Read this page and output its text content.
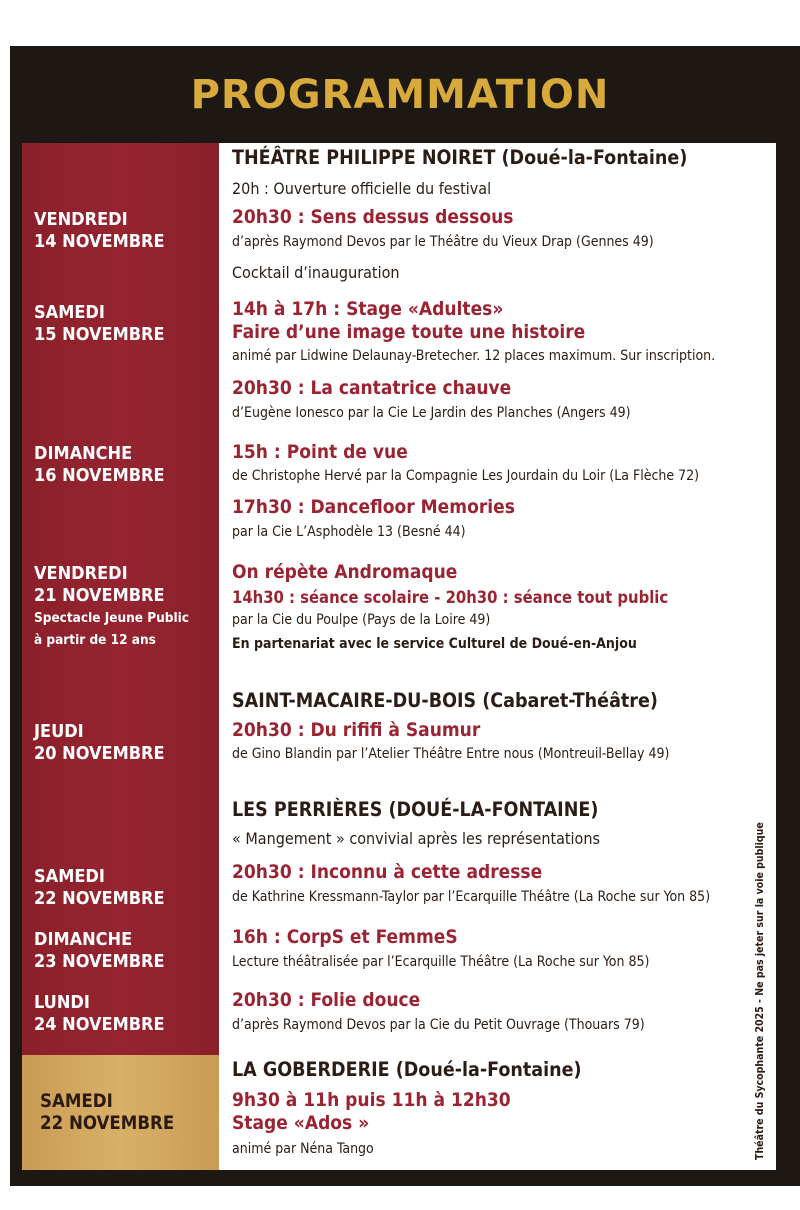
PROGRAMMATION
VENDREDI
14 NOVEMBRE
SAMEDI
15 NOVEMBRE
DIMANCHE
16 NOVEMBRE
VENDREDI
21 NOVEMBRE
Spectacle Jeune Public
à partir de 12 ans
JEUDI
20 NOVEMBRE
SAMEDI
22 NOVEMBRE
DIMANCHE
23 NOVEMBRE
LUNDI
24 NOVEMBRE
SAMEDI
22 NOVEMBRE
THÉÂTRE PHILIPPE NOIRET (Doué-la-Fontaine)
20h : Ouverture officielle du festival
20h30 : Sens dessus dessous
d’après Raymond Devos par le Théâtre du Vieux Drap (Gennes 49)
Cocktail d’inauguration
14h à 17h : Stage «Adultes»
Faire d’une image toute une histoire
animé par Lidwine Delaunay-Bretecher. 12 places maximum. Sur inscription.
20h30 : La cantatrice chauve
d’Eugène Ionesco par la Cie Le Jardin des Planches (Angers 49)
15h : Point de vue
de Christophe Hervé par la Compagnie Les Jourdain du Loir (La Flèche 72)
17h30 : Dancefloor Memories
par la Cie L’Asphodèle 13 (Besné 44)
On répète Andromaque
14h30 : séance scolaire - 20h30 : séance tout public
par la Cie du Poulpe (Pays de la Loire 49)
En partenariat avec le service Culturel de Doué-en-Anjou
SAINT-MACAIRE-DU-BOIS (Cabaret-Théâtre)
20h30 : Du rififi à Saumur
de Gino Blandin par l’Atelier Théâtre Entre nous (Montreuil-Bellay 49)
LES PERRIÈRES (DOUÉ-LA-FONTAINE)
« Mangement » convivial après les représentations
20h30 : Inconnu à cette adresse
de Kathrine Kressmann-Taylor par l’Ecarquille Théâtre (La Roche sur Yon 85)
16h : CorpS et FemmeS
Lecture théâtralisée par l’Ecarquille Théâtre (La Roche sur Yon 85)
20h30 : Folie douce
d’après Raymond Devos par la Cie du Petit Ouvrage (Thouars 79)
LA GOBERDERIE (Doué-la-Fontaine)
9h30 à 11h puis 11h à 12h30
Stage «Ados »
animé par Néna Tango	Théâtre du Sycophante 2025 - Ne pas jeter sur la voie publique
